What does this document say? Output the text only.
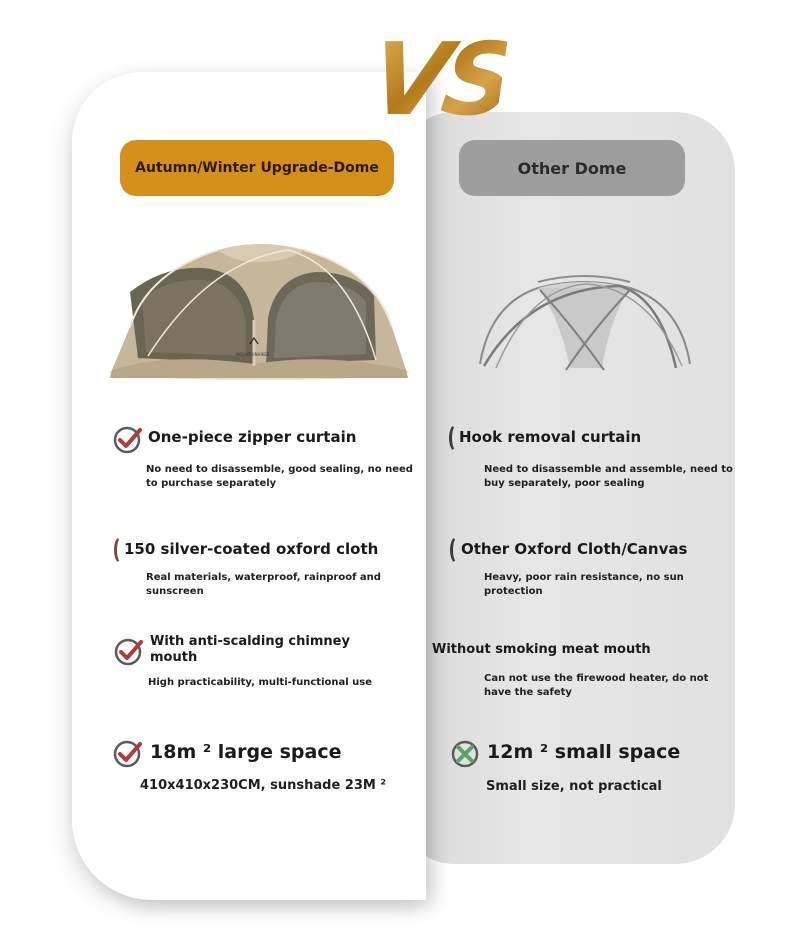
VS
Autumn/Winter Upgrade-Dome	Other Dome
MOUNTAINHIKER
One-piece zipper curtain
No need to disassemble, good sealing, no need to purchase separately
150 silver-coated oxford cloth
Real materials, waterproof, rainproof and sunscreen
With anti-scalding chimney mouth
High practicability, multi-functional use
18m ² large space
410x410x230CM, sunshade 23M ²
Hook removal curtain
Need to disassemble and assemble, need to buy separately, poor sealing
Other Oxford Cloth/Canvas
Heavy, poor rain resistance, no sun protection
Without smoking meat mouth
Can not use the firewood heater, do not have the safety
12m ² small space
Small size, not practical
